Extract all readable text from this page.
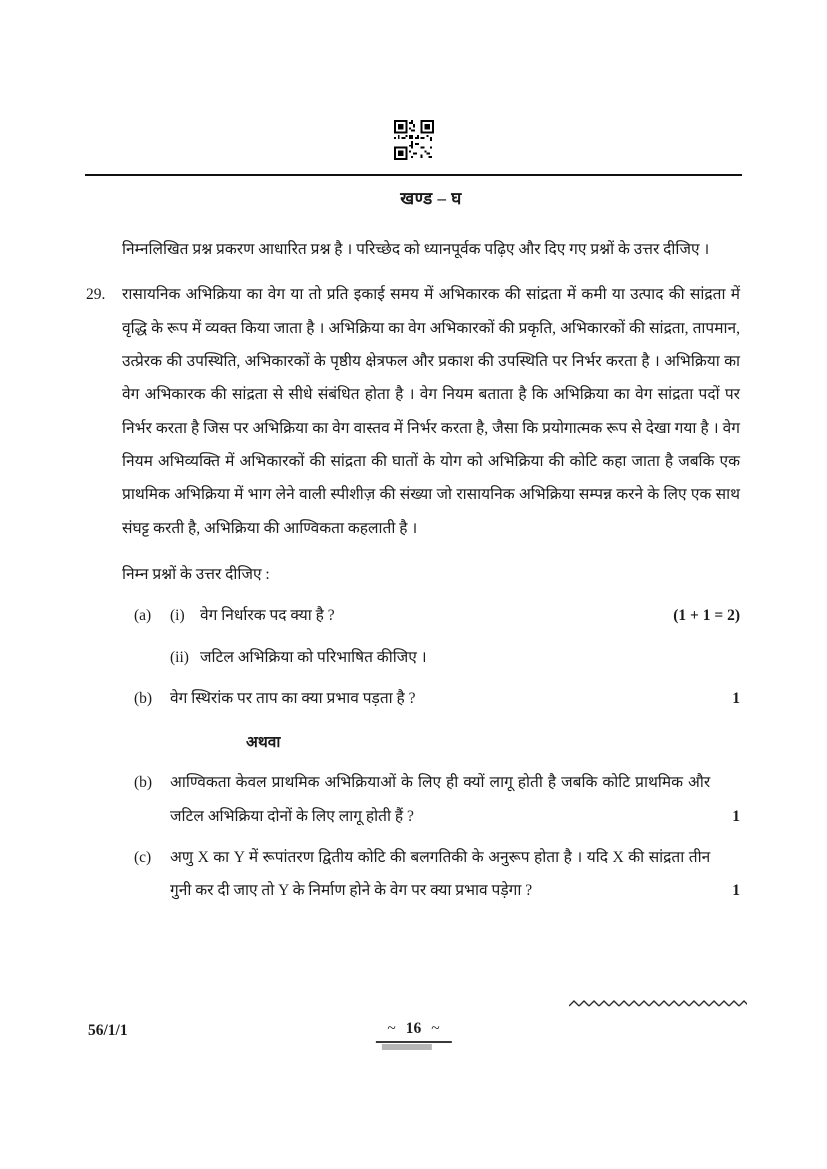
खण्ड – घ

निम्नलिखित प्रश्न प्रकरण आधारित प्रश्न है । परिच्छेद को ध्यानपूर्वक पढ़िए और दिए गए प्रश्नों के उत्तर दीजिए ।

29. रासायनिक अभिक्रिया का वेग या तो प्रति इकाई समय में अभिकारक की सांद्रता में कमी या उत्पाद की सांद्रता में वृद्धि के रूप में व्यक्त किया जाता है । अभिक्रिया का वेग अभिकारकों की प्रकृति, अभिकारकों की सांद्रता, तापमान, उत्प्रेरक की उपस्थिति, अभिकारकों के पृष्ठीय क्षेत्रफल और प्रकाश की उपस्थिति पर निर्भर करता है । अभिक्रिया का वेग अभिकारक की सांद्रता से सीधे संबंधित होता है । वेग नियम बताता है कि अभिक्रिया का वेग सांद्रता पदों पर निर्भर करता है जिस पर अभिक्रिया का वेग वास्तव में निर्भर करता है, जैसा कि प्रयोगात्मक रूप से देखा गया है । वेग नियम अभिव्यक्ति में अभिकारकों की सांद्रता की घातों के योग को अभिक्रिया की कोटि कहा जाता है जबकि एक प्राथमिक अभिक्रिया में भाग लेने वाली स्पीशीज़ की संख्या जो रासायनिक अभिक्रिया सम्पन्न करने के लिए एक साथ संघट्ट करती है, अभिक्रिया की आण्विकता कहलाती है ।

निम्न प्रश्नों के उत्तर दीजिए :

(a)	(i) वेग निर्धारक पद क्या है ?	(1 + 1 = 2)
(ii) जटिल अभिक्रिया को परिभाषित कीजिए ।
(b)	वेग स्थिरांक पर ताप का क्या प्रभाव पड़ता है ?	1
अथवा
(b)	आण्विकता केवल प्राथमिक अभिक्रियाओं के लिए ही क्यों लागू होती है जबकि कोटि प्राथमिक और जटिल अभिक्रिया दोनों के लिए लागू होती हैं ?	1
(c)	अणु X का Y में रूपांतरण द्वितीय कोटि की बलगतिकी के अनुरूप होता है । यदि X की सांद्रता तीन गुनी कर दी जाए तो Y के निर्माण होने के वेग पर क्या प्रभाव पड़ेगा ?	1
56/1/1	~ 16 ~
